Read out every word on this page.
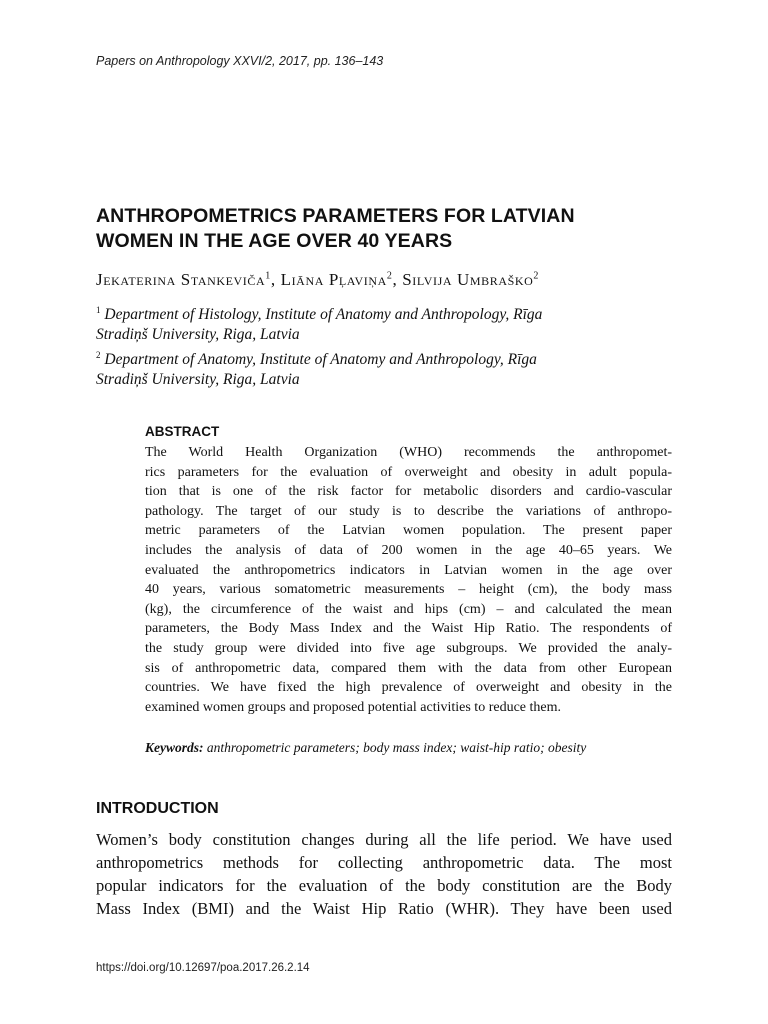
Papers on Anthropology XXVI/2, 2017, pp. 136–143
ANTHROPOMETRICS PARAMETERS FOR LATVIAN
WOMEN IN THE AGE OVER 40 YEARS
Jekaterina Stankeviča$^1$, Liāna Pļaviņa$^2$, Silvija Umbraško$^2$
$^1$ Department of Histology, Institute of Anatomy and Anthropology, Rīga
Stradiņš University, Riga, Latvia
$^2$ Department of Anatomy, Institute of Anatomy and Anthropology, Rīga
Stradiņš University, Riga, Latvia
ABSTRACT
The World Health Organization (WHO) recommends the anthropomet-
rics parameters for the evaluation of overweight and obesity in adult popula-
tion that is one of the risk factor for metabolic disorders and cardio-vascular
pathology. The target of our study is to describe the variations of anthropo-
metric parameters of the Latvian women population. The present paper
includes the analysis of data of 200 women in the age 40–65 years. We
evaluated the anthropometrics indicators in Latvian women in the age over
40 years, various somatometric measurements – height (cm), the body mass
(kg), the circumference of the waist and hips (cm) – and calculated the mean
parameters, the Body Mass Index and the Waist Hip Ratio. The respondents of
the study group were divided into five age subgroups. We provided the analy-
sis of anthropometric data, compared them with the data from other European
countries. We have fixed the high prevalence of overweight and obesity in the
examined women groups and proposed potential activities to reduce them.
Keywords: anthropometric parameters; body mass index; waist-hip ratio; obesity
INTRODUCTION
Women’s body constitution changes during all the life period. We have used
anthropometrics methods for collecting anthropometric data. The most
popular indicators for the evaluation of the body constitution are the Body
Mass Index (BMI) and the Waist Hip Ratio (WHR). They have been used
https://doi.org/10.12697/poa.2017.26.2.14
